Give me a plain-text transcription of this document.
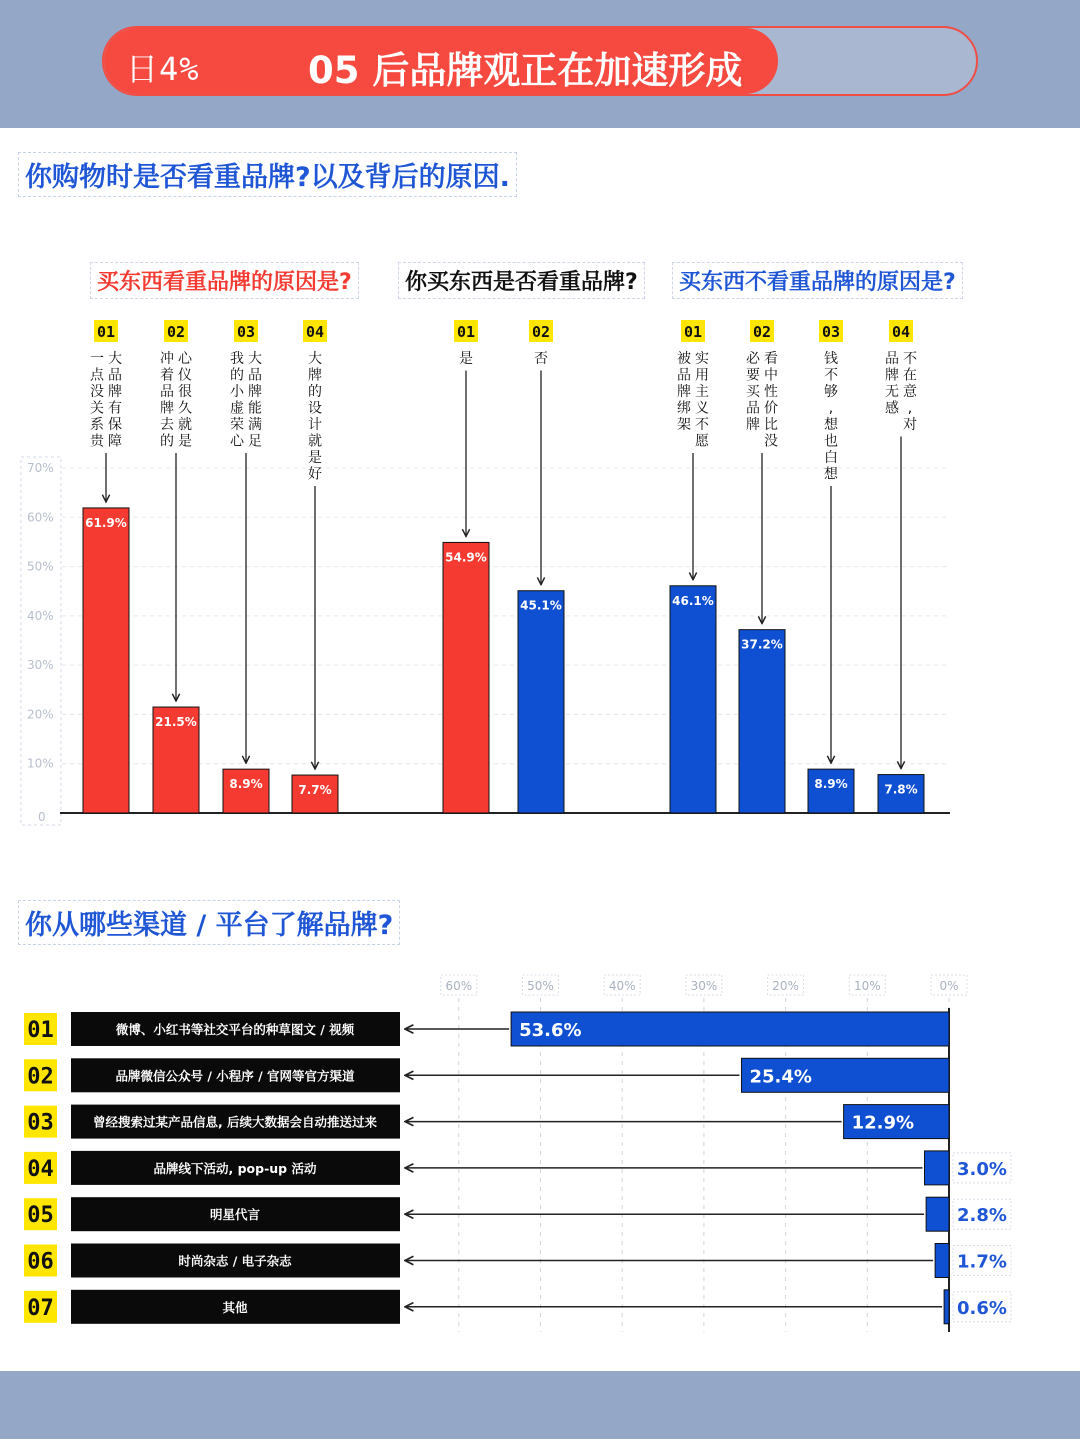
日4%	05 后品牌观正在加速形成
你购物时是否看重品牌?以及背后的原因.
你从哪些渠道 / 平台了解品牌?
买东西看重品牌的原因是?	你买东西是否看重品牌?	买东西不看重品牌的原因是?
0
10%
20%
30%
40%
50%
60%
70%
61.9%
01
大
品
牌
有
保
障
一
点
没
关
系
贵
21.5%
02
心
仪
很
久
就
是
冲
着
品
牌
去
的
8.9%
03
大
品
牌
能
满
足
我
的
小
虚
荣
心
7.7%
04
大
牌
的
设
计
就
是
好
54.9%
01
是
45.1%
02
否
46.1%
01
实
用
主
义
不
愿
被
品
牌
绑
架
37.2%
02
看
中
性
价
比
没
必
要
买
品
牌
8.9%
03
钱
不
够
,
想
也
白
想
7.8%
04
不
在
意
,
对
品
牌
无
感
60%	50%	40%	30%	20%	10%	0%
01	微博、小红书等社交平台的种草图文 / 视频	53.6%
02	品牌微信公众号 / 小程序 / 官网等官方渠道	25.4%
03	曾经搜索过某产品信息, 后续大数据会自动推送过来	12.9%
04	品牌线下活动, pop-up 活动	3.0%
05	明星代言	2.8%
06	时尚杂志 / 电子杂志	1.7%
07	其他	0.6%
